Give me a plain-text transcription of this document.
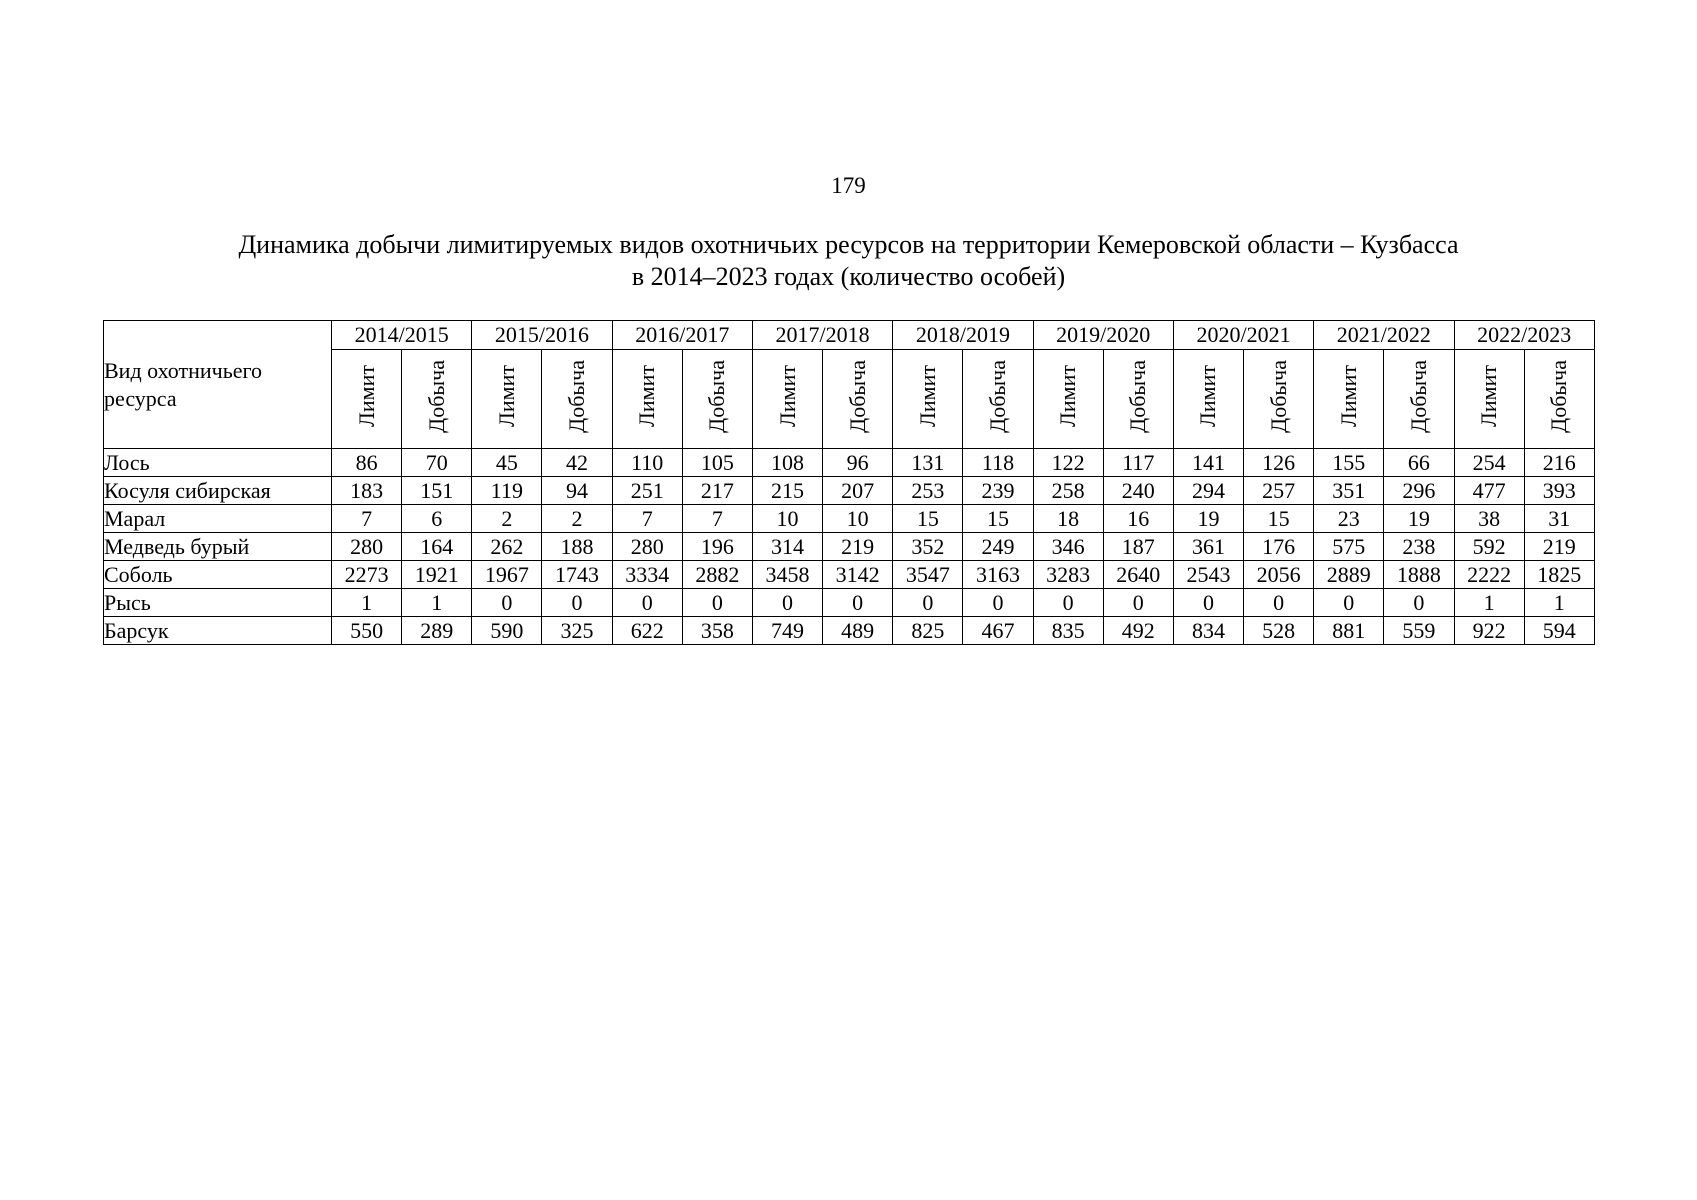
179
Динамика добычи лимитируемых видов охотничьих ресурсов на территории Кемеровской области – Кузбасса
в 2014–2023 годах (количество особей)
Вид охотничьего ресурса	2014/2015		2015/2016		2016/2017		2017/2018		2018/2019		2019/2020		2020/2021		2021/2022		2022/2023	
	Лимит	Добыча	Лимит	Добыча	Лимит	Добыча	Лимит	Добыча	Лимит	Добыча	Лимит	Добыча	Лимит	Добыча	Лимит	Добыча	Лимит	Добыча
Лось	86	70	45	42	110	105	108	96	131	118	122	117	141	126	155	66	254	216
Косуля сибирская	183	151	119	94	251	217	215	207	253	239	258	240	294	257	351	296	477	393
Марал	7	6	2	2	7	7	10	10	15	15	18	16	19	15	23	19	38	31
Медведь бурый	280	164	262	188	280	196	314	219	352	249	346	187	361	176	575	238	592	219
Соболь	2273	1921	1967	1743	3334	2882	3458	3142	3547	3163	3283	2640	2543	2056	2889	1888	2222	1825
Рысь	1	1	0	0	0	0	0	0	0	0	0	0	0	0	0	0	1	1
Барсук	550	289	590	325	622	358	749	489	825	467	835	492	834	528	881	559	922	594
